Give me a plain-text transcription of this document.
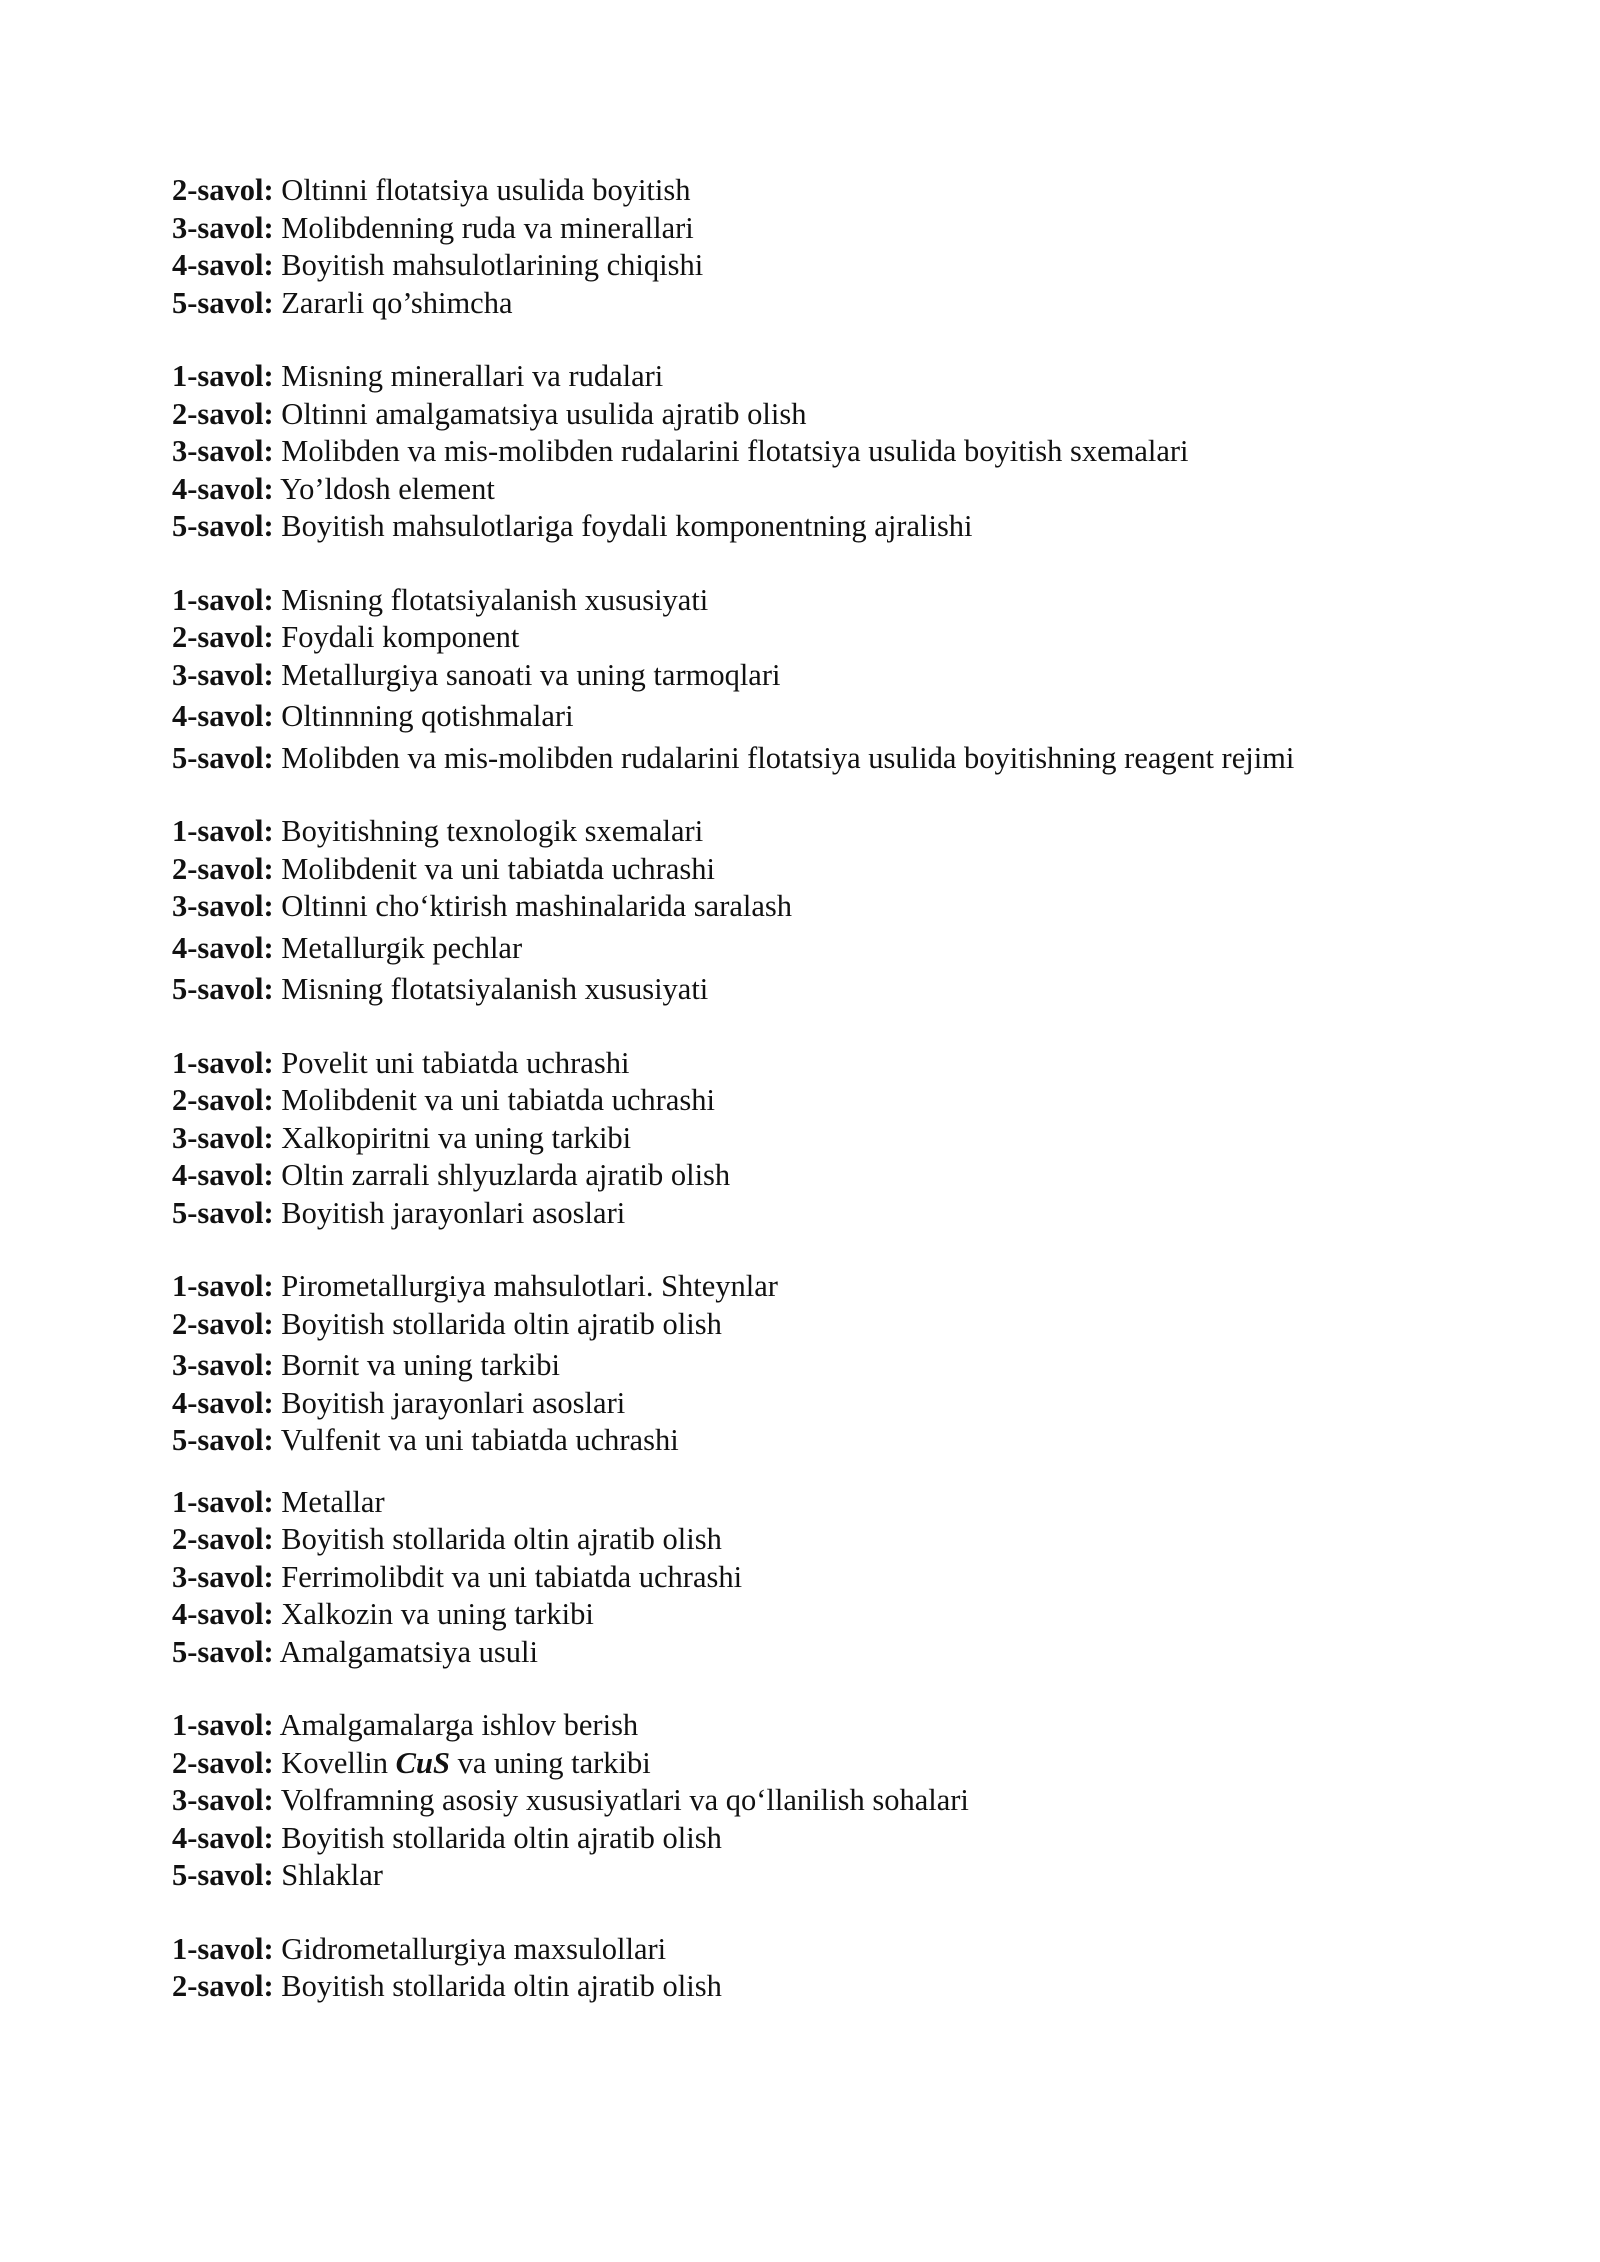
2-savol: Oltinni flotatsiya usulida boyitish
3-savol: Molibdenning ruda va minerallari
4-savol: Boyitish mahsulotlarining chiqishi
5-savol: Zararli qo’shimcha
1-savol: Misning minerallari va rudalari
2-savol: Oltinni amalgamatsiya usulida ajratib olish
3-savol: Molibden va mis-molibden rudalarini flotatsiya usulida boyitish sxemalari
4-savol: Yo’ldosh element
5-savol: Boyitish mahsulotlariga foydali komponentning ajralishi
1-savol: Misning flotatsiyalanish xususiyati
2-savol: Foydali komponent
3-savol: Metallurgiya sanoati va uning tarmoqlari
4-savol: Oltinnning qotishmalari
5-savol: Molibden va mis-molibden rudalarini flotatsiya usulida boyitishning reagent rejimi
1-savol: Boyitishning texnologik sxemalari
2-savol: Molibdenit va uni tabiatda uchrashi
3-savol: Oltinni cho‘ktirish mashinalarida saralash
4-savol: Metallurgik pechlar
5-savol: Misning flotatsiyalanish xususiyati
1-savol: Povelit uni tabiatda uchrashi
2-savol: Molibdenit va uni tabiatda uchrashi
3-savol: Xalkopiritni va uning tarkibi
4-savol: Oltin zarrali shlyuzlarda ajratib olish
5-savol: Boyitish jarayonlari asoslari
1-savol: Pirometallurgiya mahsulotlari. Shteynlar
2-savol: Boyitish stollarida oltin ajratib olish
3-savol: Bornit va uning tarkibi
4-savol: Boyitish jarayonlari asoslari
5-savol: Vulfenit va uni tabiatda uchrashi
1-savol: Metallar
2-savol: Boyitish stollarida oltin ajratib olish
3-savol: Ferrimolibdit va uni tabiatda uchrashi
4-savol: Xalkozin va uning tarkibi
5-savol: Amalgamatsiya usuli
1-savol: Amalgamalarga ishlov berish
2-savol: Kovellin CuS va uning tarkibi
3-savol: Volframning asosiy xususiyatlari va qo‘llanilish sohalari
4-savol: Boyitish stollarida oltin ajratib olish
5-savol: Shlaklar
1-savol: Gidrometallurgiya maxsulollari
2-savol: Boyitish stollarida oltin ajratib olish
